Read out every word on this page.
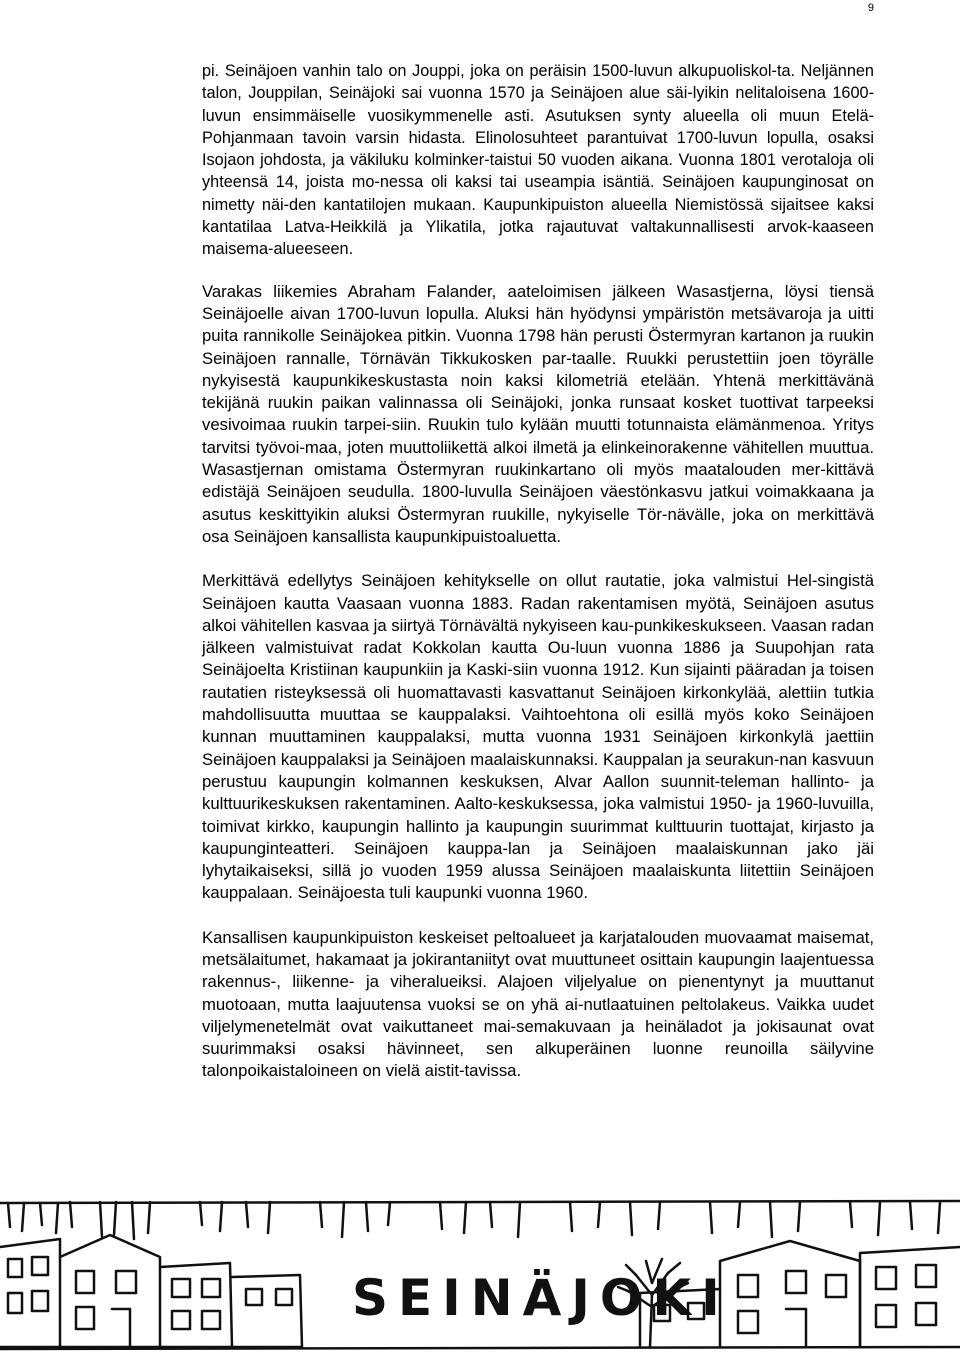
9

pi. Seinäjoen vanhin talo on Jouppi, joka on peräisin 1500-luvun alkupuoliskol-ta. Neljännen talon, Jouppilan, Seinäjoki sai vuonna 1570 ja Seinäjoen alue säi-lyikin nelitaloisena 1600-luvun ensimmäiselle vuosikymmenelle asti. Asutuksen synty alueella oli muun Etelä-Pohjanmaan tavoin varsin hidasta. Elinolosuhteet parantuivat 1700-luvun lopulla, osaksi Isojaon johdosta, ja väkiluku kolminker-taistui 50 vuoden aikana. Vuonna 1801 verotaloja oli yhteensä 14, joista mo-nessa oli kaksi tai useampia isäntiä. Seinäjoen kaupunginosat on nimetty näi-den kantatilojen mukaan. Kaupunkipuiston alueella Niemistössä sijaitsee kaksi kantatilaa Latva-Heikkilä ja Ylikatila, jotka rajautuvat valtakunnallisesti arvok-kaaseen maisema-alueeseen.

Varakas liikemies Abraham Falander, aateloimisen jälkeen Wasastjerna, löysi tiensä Seinäjoelle aivan 1700-luvun lopulla. Aluksi hän hyödynsi ympäristön metsävaroja ja uitti puita rannikolle Seinäjokea pitkin. Vuonna 1798 hän perusti Östermyran kartanon ja ruukin Seinäjoen rannalle, Törnävän Tikkukosken par-taalle. Ruukki perustettiin joen töyrälle nykyisestä kaupunkikeskustasta noin kaksi kilometriä etelään. Yhtenä merkittävänä tekijänä ruukin paikan valinnassa oli Seinäjoki, jonka runsaat kosket tuottivat tarpeeksi vesivoimaa ruukin tarpei-siin. Ruukin tulo kylään muutti totunnaista elämänmenoa. Yritys tarvitsi työvoi-maa, joten muuttoliikettä alkoi ilmetä ja elinkeinorakenne vähitellen muuttua. Wasastjernan omistama Östermyran ruukinkartano oli myös maatalouden mer-kittävä edistäjä Seinäjoen seudulla. 1800-luvulla Seinäjoen väestönkasvu jatkui voimakkaana ja asutus keskittyikin aluksi Östermyran ruukille, nykyiselle Tör-nävälle, joka on merkittävä osa Seinäjoen kansallista kaupunkipuistoaluetta.

Merkittävä edellytys Seinäjoen kehitykselle on ollut rautatie, joka valmistui Hel-singistä Seinäjoen kautta Vaasaan vuonna 1883. Radan rakentamisen myötä, Seinäjoen asutus alkoi vähitellen kasvaa ja siirtyä Törnävältä nykyiseen kau-punkikeskukseen. Vaasan radan jälkeen valmistuivat radat Kokkolan kautta Ou-luun vuonna 1886 ja Suupohjan rata Seinäjoelta Kristiinan kaupunkiin ja Kaski-siin vuonna 1912. Kun sijainti pääradan ja toisen rautatien risteyksessä oli huomattavasti kasvattanut Seinäjoen kirkonkylää, alettiin tutkia mahdollisuutta muuttaa se kauppalaksi. Vaihtoehtona oli esillä myös koko Seinäjoen kunnan muuttaminen kauppalaksi, mutta vuonna 1931 Seinäjoen kirkonkylä jaettiin Seinäjoen kauppalaksi ja Seinäjoen maalaiskunnaksi. Kauppalan ja seurakun-nan kasvuun perustuu kaupungin kolmannen keskuksen, Alvar Aallon suunnit-teleman hallinto- ja kulttuurikeskuksen rakentaminen. Aalto-keskuksessa, joka valmistui 1950- ja 1960-luvuilla, toimivat kirkko, kaupungin hallinto ja kaupungin suurimmat kulttuurin tuottajat, kirjasto ja kaupunginteatteri. Seinäjoen kauppa-lan ja Seinäjoen maalaiskunnan jako jäi lyhytaikaiseksi, sillä jo vuoden 1959 alussa Seinäjoen maalaiskunta liitettiin Seinäjoen kauppalaan. Seinäjoesta tuli kaupunki vuonna 1960.

Kansallisen kaupunkipuiston keskeiset peltoalueet ja karjatalouden muovaamat maisemat, metsälaitumet, hakamaat ja jokirantaniityt ovat muuttuneet osittain kaupungin laajentuessa rakennus-, liikenne- ja viheralueiksi. Alajoen viljelyalue on pienentynyt ja muuttanut muotoaan, mutta laajuutensa vuoksi se on yhä ai-nutlaatuinen peltolakeus. Vaikka uudet viljelymenetelmät ovat vaikuttaneet mai-semakuvaan ja heinäladot ja jokisaunat ovat suurimmaksi osaksi hävinneet, sen alkuperäinen luonne reunoilla säilyvine talonpoikaistaloineen on vielä aistit-tavissa.

SEINÄJOKI
